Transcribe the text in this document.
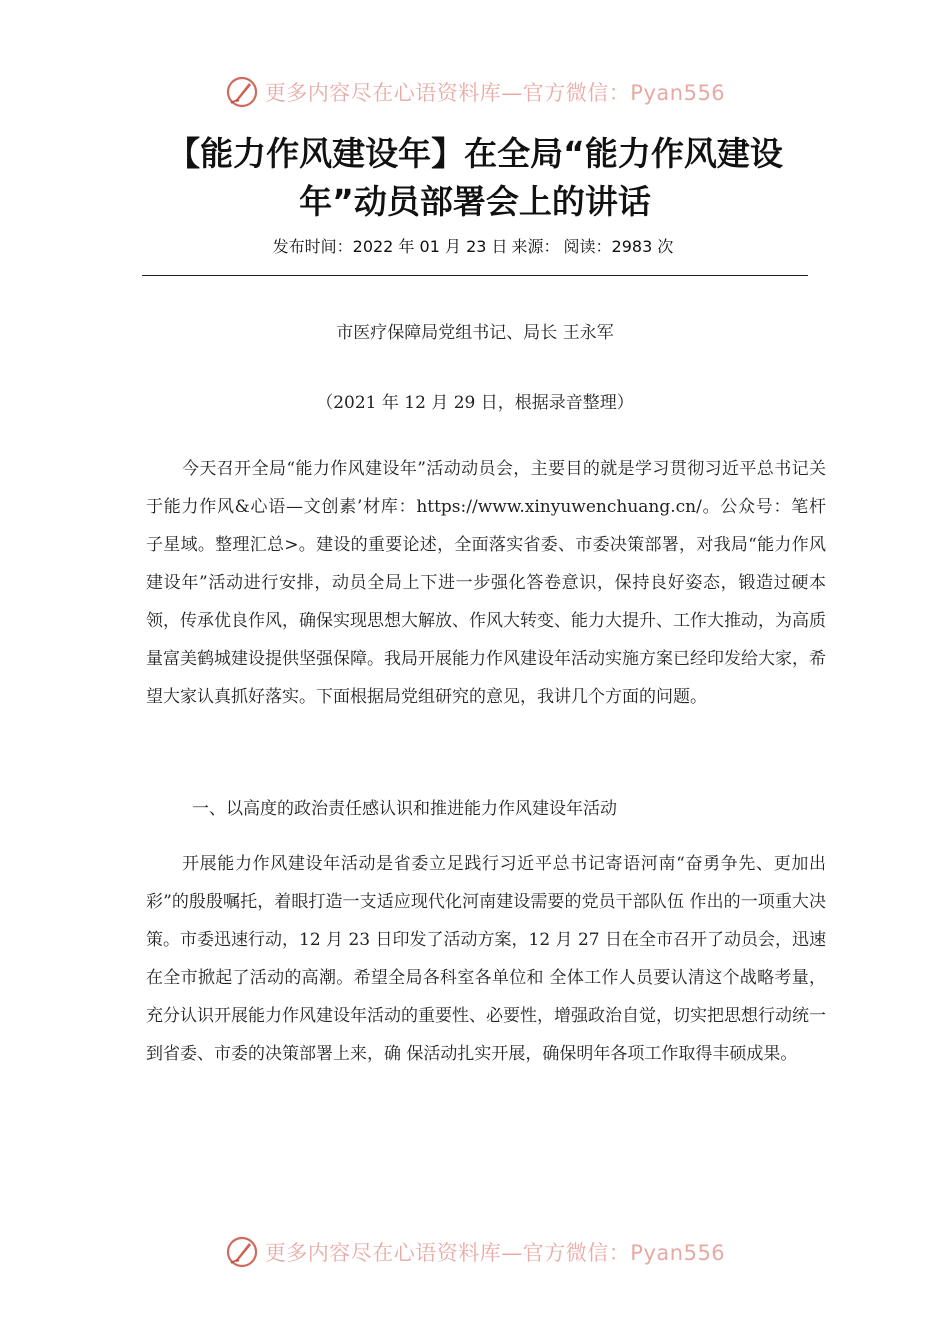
更多内容尽在心语资料库—官方微信：Pyan556
【能力作风建设年】在全局“能力作风建设年”动员部署会上的讲话
发布时间：2022 年 01 月 23 日 来源： 阅读：2983 次
市医疗保障局党组书记、局长 王永军
（2021 年 12 月 29 日，根据录音整理）

今天召开全局“能力作风建设年”活动动员会，主要目的就是学习贯彻习近平总书记关于能力作风&心语—文创素’材库：https://www.xinyuwenchuang.cn/。公众号：笔杆子星域。整理汇总>。建设的重要论述，全面落实省委、市委决策部署，对我局“能力作风建设年”活动进行安排，动员全局上下进一步强化答卷意识，保持良好姿态，锻造过硬本领，传承优良作风，确保实现思想大解放、作风大转变、能力大提升、工作大推动，为高质量富美鹤城建设提供坚强保障。我局开展能力作风建设年活动实施方案已经印发给大家，希望大家认真抓好落实。下面根据局党组研究的意见，我讲几个方面的问题。

一、以高度的政治责任感认识和推进能力作风建设年活动

开展能力作风建设年活动是省委立足践行习近平总书记寄语河南“奋勇争先、更加出彩”的殷殷嘱托，着眼打造一支适应现代化河南建设需要的党员干部队伍 作出的一项重大决策。市委迅速行动，12 月 23 日印发了活动方案，12 月 27 日在全市召开了动员会，迅速在全市掀起了活动的高潮。希望全局各科室各单位和 全体工作人员要认清这个战略考量，充分认识开展能力作风建设年活动的重要性、必要性，增强政治自觉，切实把思想行动统一到省委、市委的决策部署上来，确 保活动扎实开展，确保明年各项工作取得丰硕成果。

更多内容尽在心语资料库—官方微信：Pyan556
